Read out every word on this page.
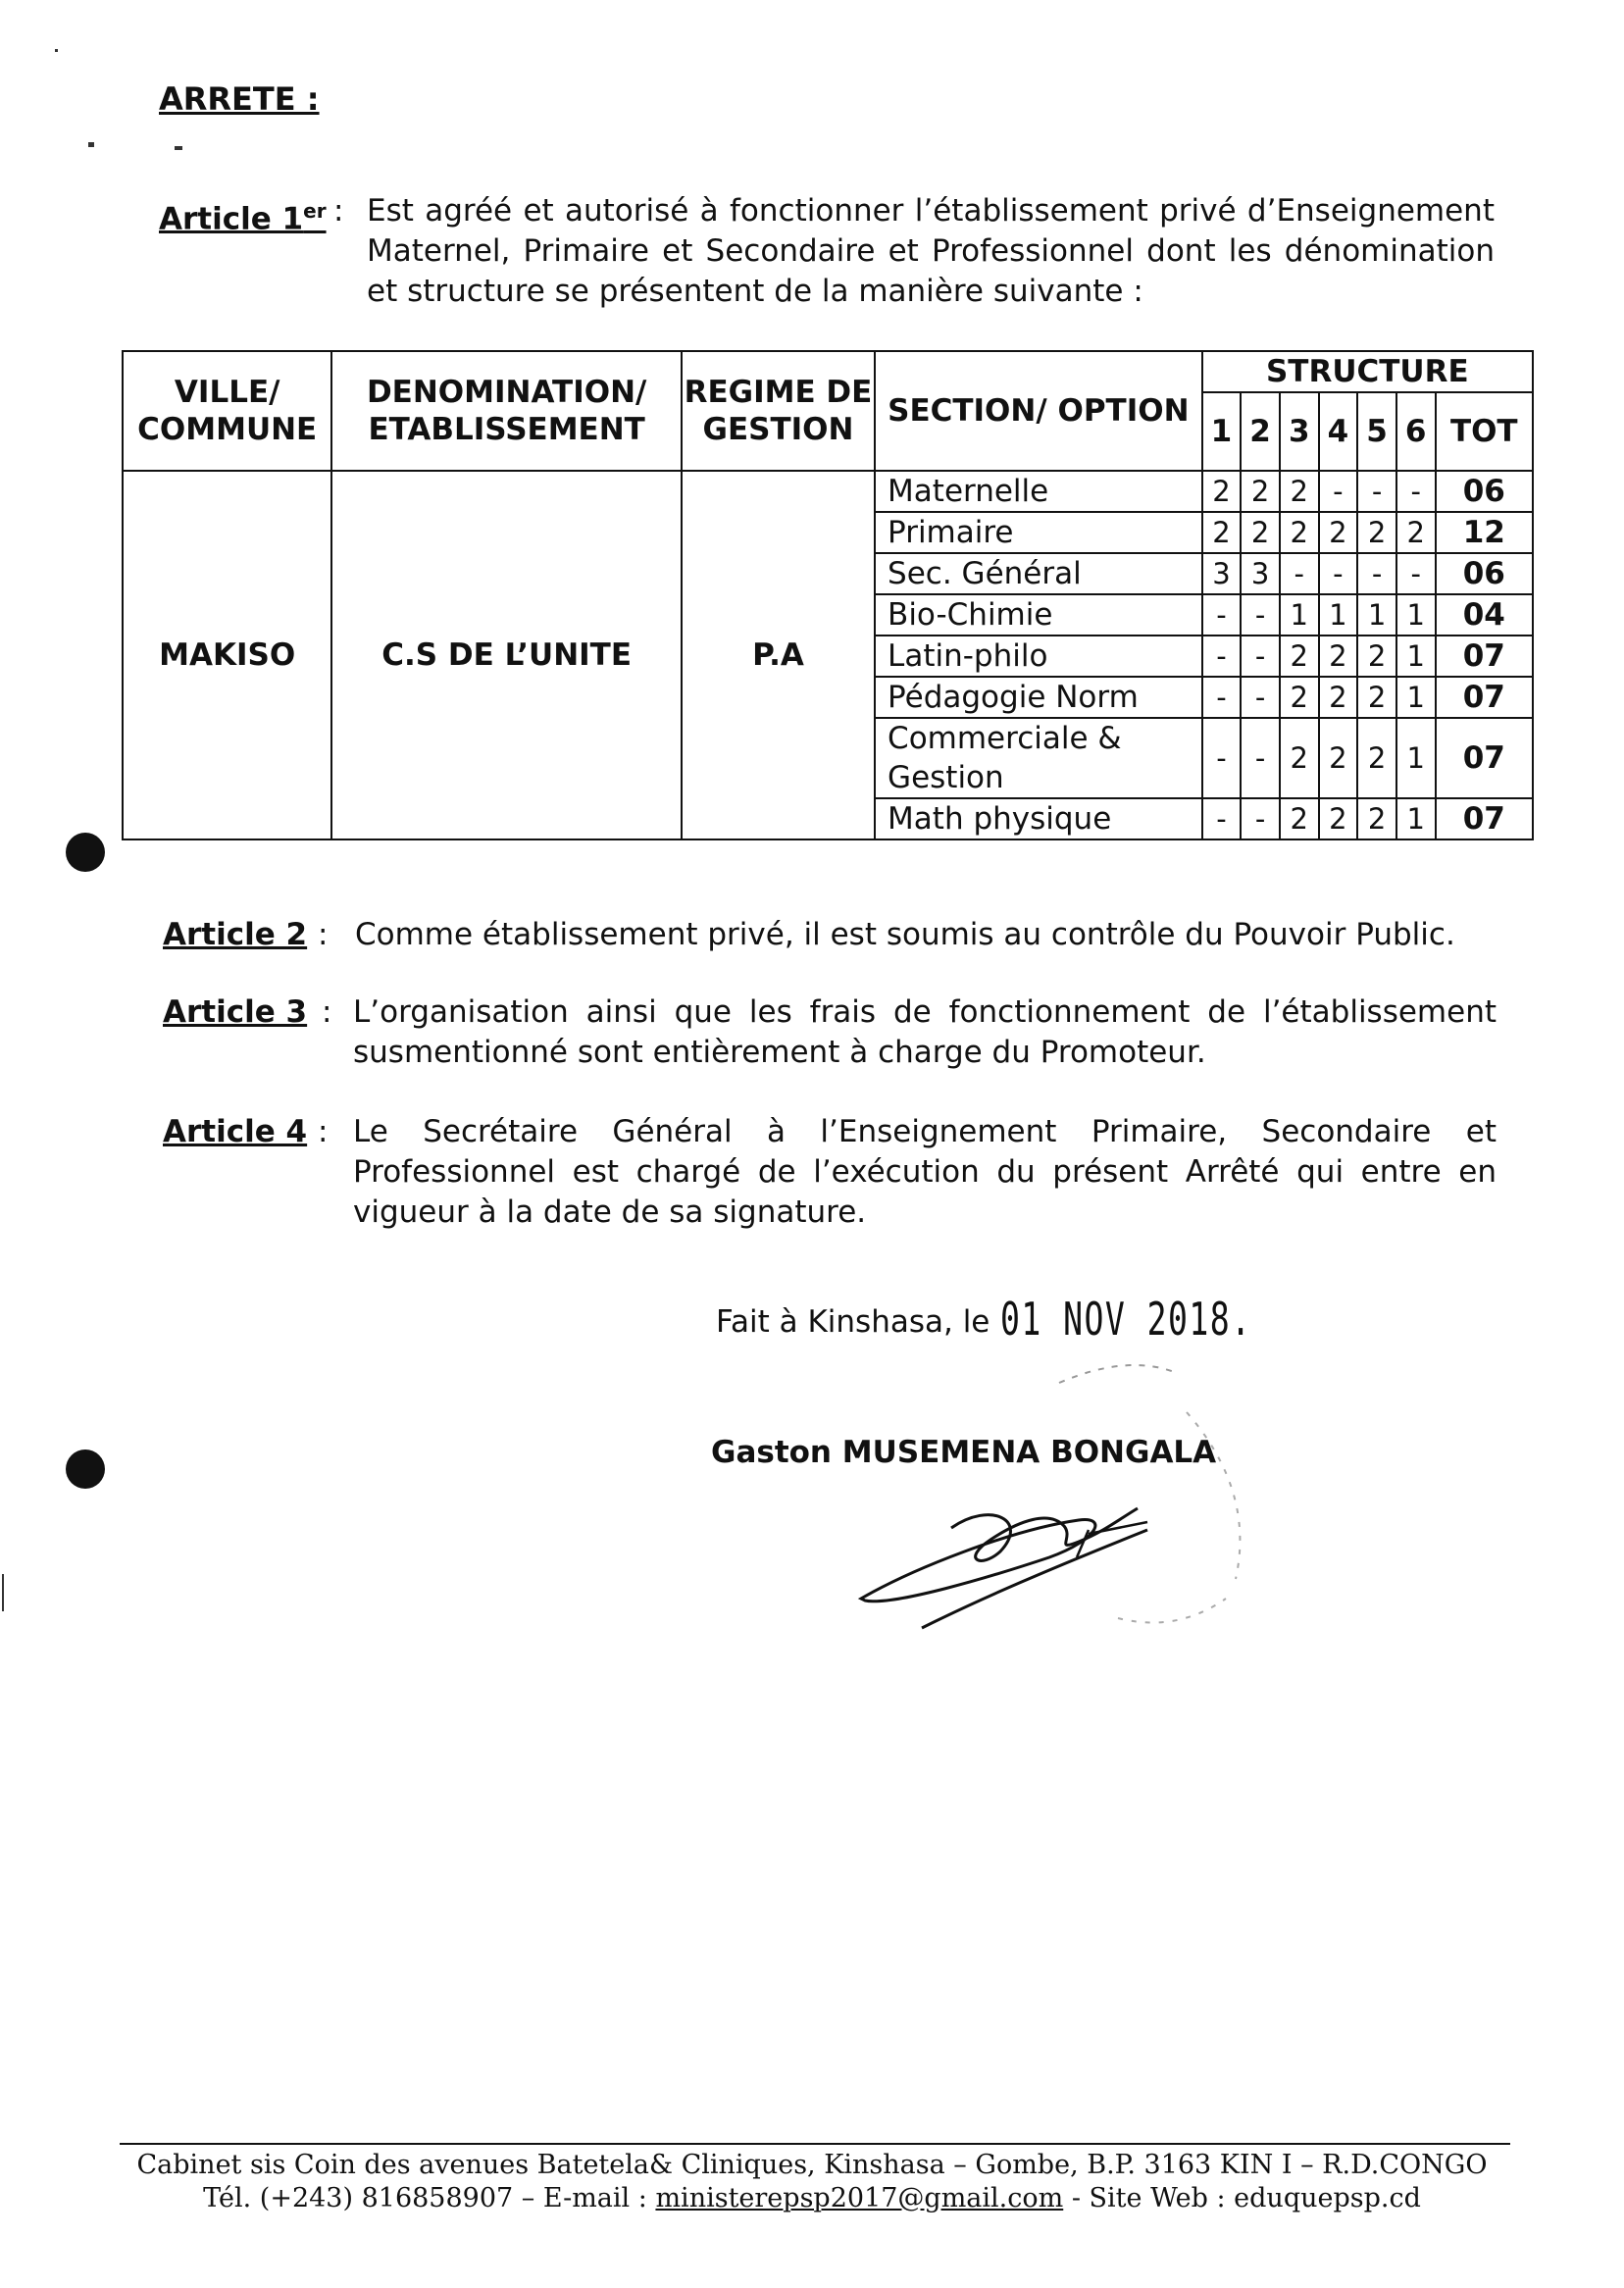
ARRETE :
Article 1er : Est agréé et autorisé à fonctionner l’établissement privé d’Enseignement Maternel, Primaire et Secondaire et Professionnel dont les dénomination et structure se présentent de la manière suivante :
VILLE/ COMMUNE	DENOMINATION/ ETABLISSEMENT	REGIME DE GESTION	SECTION/ OPTION	STRUCTURE						
				1	2	3	4	5	6	TOT
MAKISO	C.S DE L’UNITE	P.A	Maternelle	2	2	2	-	-	-	06
			Primaire	2	2	2	2	2	2	12
			Sec. Général	3	3	-	-	-	-	06
			Bio-Chimie	-	-	1	1	1	1	04
			Latin-philo	-	-	2	2	2	1	07
			Pédagogie Norm	-	-	2	2	2	1	07
			Commerciale & Gestion	-	-	2	2	2	1	07
			Math physique	-	-	2	2	2	1	07
Article 2 : Comme établissement privé, il est soumis au contrôle du Pouvoir Public.
Article 3 : L’organisation ainsi que les frais de fonctionnement de l’établissement susmentionné sont entièrement à charge du Promoteur.
Article 4 : Le Secrétaire Général à l’Enseignement Primaire, Secondaire et Professionnel est chargé de l’exécution du présent Arrêté qui entre en vigueur à la date de sa signature.
Fait à Kinshasa, le 01 NOV 2018.
Gaston MUSEMENA BONGALA
Cabinet sis Coin des avenues Batetela& Cliniques, Kinshasa – Gombe, B.P. 3163 KIN I – R.D.CONGO
Tél. (+243) 816858907 – E-mail : ministerepsp2017@gmail.com - Site Web : eduquepsp.cd
